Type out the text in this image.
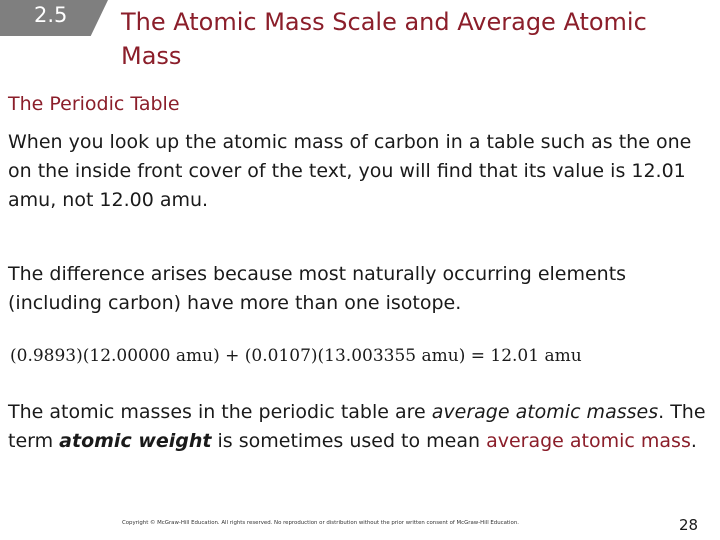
2.5 The Atomic Mass Scale and Average Atomic Mass
The Periodic Table

When you look up the atomic mass of carbon in a table such as the one on the inside front cover of the text, you will find that its value is 12.01 amu, not 12.00 amu.

The difference arises because most naturally occurring elements (including carbon) have more than one isotope.

(0.9893)(12.00000 amu) + (0.0107)(13.003355 amu) = 12.01 amu

The atomic masses in the periodic table are average atomic masses. The term atomic weight is sometimes used to mean average atomic mass.

Copyright © McGraw-Hill Education. All rights reserved. No reproduction or distribution without the prior written consent of McGraw-Hill Education.	28
